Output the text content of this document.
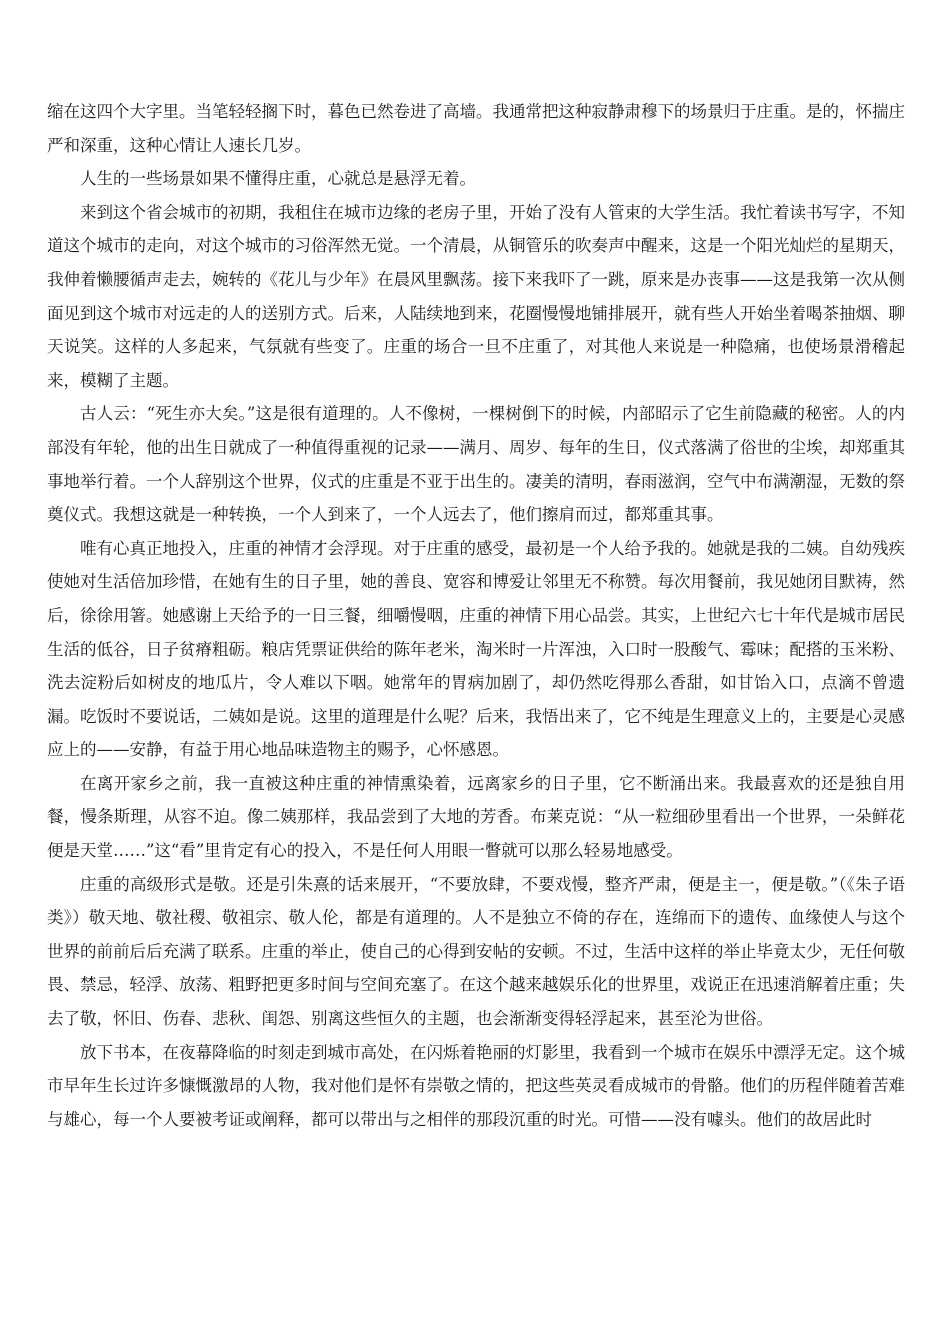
缩在这四个大字里。当笔轻轻搁下时，暮色已然卷进了高墙。我通常把这种寂静肃穆下的场景归于庄重。是的，怀揣庄严和深重，这种心情让人速长几岁。

人生的一些场景如果不懂得庄重，心就总是悬浮无着。

来到这个省会城市的初期，我租住在城市边缘的老房子里，开始了没有人管束的大学生活。我忙着读书写字，不知道这个城市的走向，对这个城市的习俗浑然无觉。一个清晨，从铜管乐的吹奏声中醒来，这是一个阳光灿烂的星期天，我伸着懒腰循声走去，婉转的《花儿与少年》在晨风里飘荡。接下来我吓了一跳，原来是办丧事——这是我第一次从侧面见到这个城市对远走的人的送别方式。后来，人陆续地到来，花圈慢慢地铺排展开，就有些人开始坐着喝茶抽烟、聊天说笑。这样的人多起来，气氛就有些变了。庄重的场合一旦不庄重了，对其他人来说是一种隐痛，也使场景滑稽起来，模糊了主题。

古人云：“死生亦大矣。”这是很有道理的。人不像树，一棵树倒下的时候，内部昭示了它生前隐藏的秘密。人的内部没有年轮，他的出生日就成了一种值得重视的记录——满月、周岁、每年的生日，仪式落满了俗世的尘埃，却郑重其事地举行着。一个人辞别这个世界，仪式的庄重是不亚于出生的。凄美的清明，春雨滋润，空气中布满潮湿，无数的祭奠仪式。我想这就是一种转换，一个人到来了，一个人远去了，他们擦肩而过，都郑重其事。

唯有心真正地投入，庄重的神情才会浮现。对于庄重的感受，最初是一个人给予我的。她就是我的二姨。自幼残疾使她对生活倍加珍惜，在她有生的日子里，她的善良、宽容和博爱让邻里无不称赞。每次用餐前，我见她闭目默祷，然后，徐徐用箸。她感谢上天给予的一日三餐，细嚼慢咽，庄重的神情下用心品尝。其实，上世纪六七十年代是城市居民生活的低谷，日子贫瘠粗砺。粮店凭票证供给的陈年老米，淘米时一片浑浊，入口时一股酸气、霉味；配搭的玉米粉、洗去淀粉后如树皮的地瓜片，令人难以下咽。她常年的胃病加剧了，却仍然吃得那么香甜，如甘饴入口，点滴不曾遗漏。吃饭时不要说话，二姨如是说。这里的道理是什么呢？后来，我悟出来了，它不纯是生理意义上的，主要是心灵感应上的——安静，有益于用心地品味造物主的赐予，心怀感恩。

在离开家乡之前，我一直被这种庄重的神情熏染着，远离家乡的日子里，它不断涌出来。我最喜欢的还是独自用餐，慢条斯理，从容不迫。像二姨那样，我品尝到了大地的芳香。布莱克说：“从一粒细砂里看出一个世界，一朵鲜花便是天堂……”这“看”里肯定有心的投入，不是任何人用眼一瞥就可以那么轻易地感受。

庄重的高级形式是敬。还是引朱熹的话来展开，“不要放肆，不要戏慢，整齐严肃，便是主一，便是敬。”（《朱子语类》）敬天地、敬社稷、敬祖宗、敬人伦，都是有道理的。人不是独立不倚的存在，连绵而下的遗传、血缘使人与这个世界的前前后后充满了联系。庄重的举止，使自己的心得到安帖的安顿。不过，生活中这样的举止毕竟太少，无任何敬畏、禁忌，轻浮、放荡、粗野把更多时间与空间充塞了。在这个越来越娱乐化的世界里，戏说正在迅速消解着庄重；失去了敬，怀旧、伤春、悲秋、闺怨、别离这些恒久的主题，也会渐渐变得轻浮起来，甚至沦为世俗。

放下书本，在夜幕降临的时刻走到城市高处，在闪烁着艳丽的灯影里，我看到一个城市在娱乐中漂浮无定。这个城市早年生长过许多慷慨激昂的人物，我对他们是怀有崇敬之情的，把这些英灵看成城市的骨骼。他们的历程伴随着苦难与雄心，每一个人要被考证或阐释，都可以带出与之相伴的那段沉重的时光。可惜——没有噱头。他们的故居此时
